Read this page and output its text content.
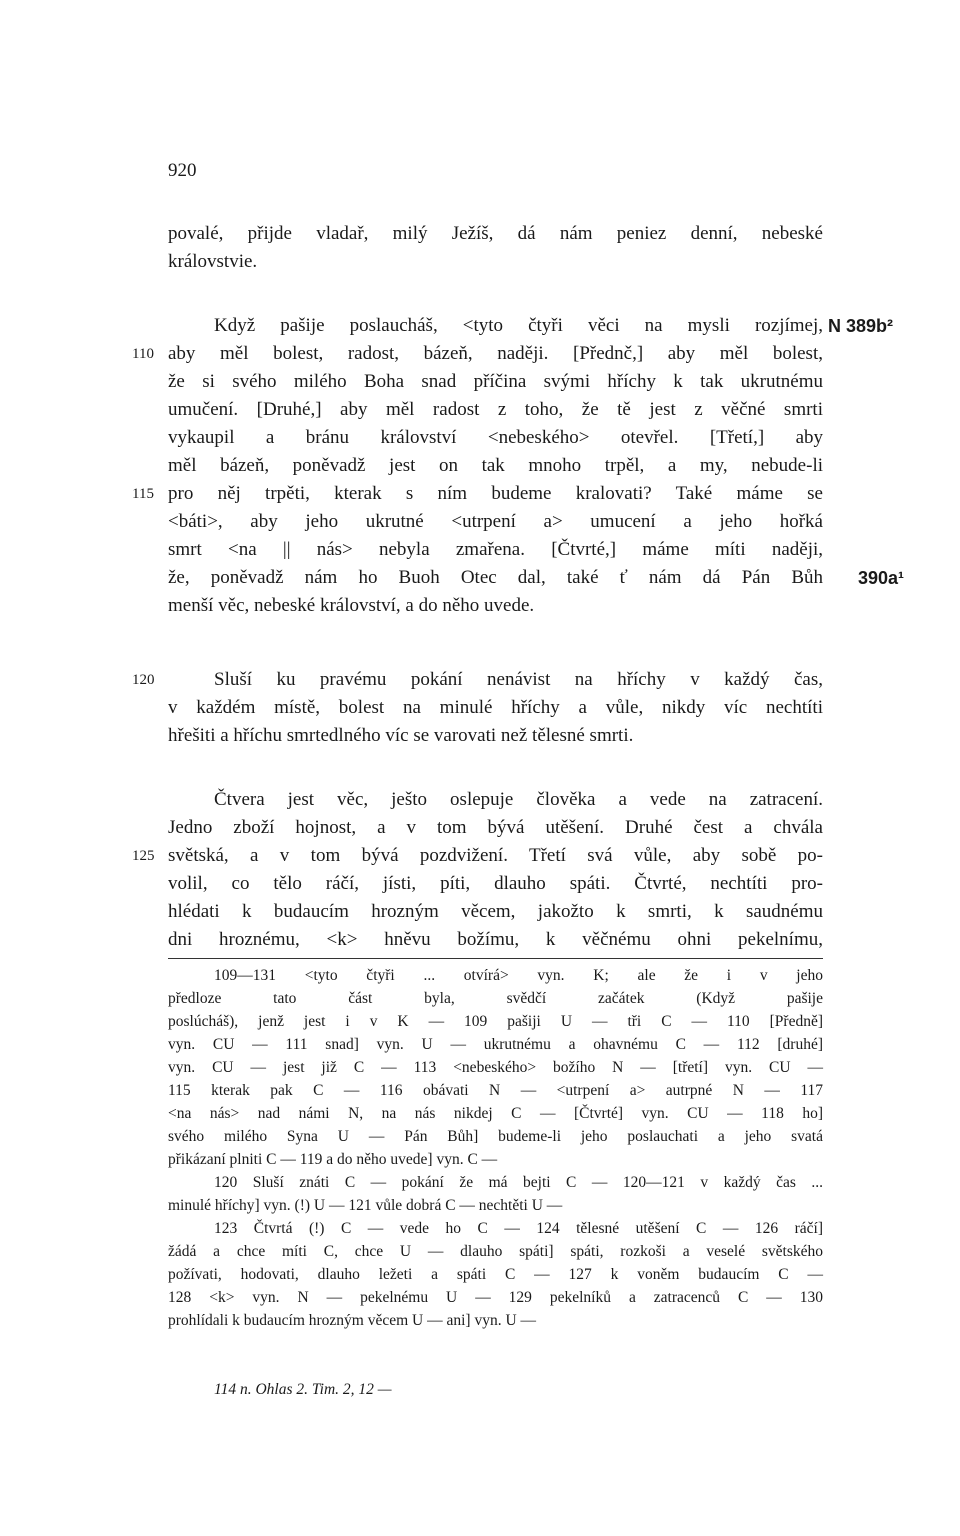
920
povalé, přijde vladař, milý Ježíš, dá nám peniez denní, nebeské
královstvie.
Když pašije poslaucháš, <tyto čtyři věci na mysli rozjímej,
aby měl bolest, radost, bázeň, naději. [Přednč,] aby měl bolest,
že si svého milého Boha snad příčina svými hříchy k tak ukrutnému
umučení. [Druhé,] aby měl radost z toho, že tě jest z věčné smrti
vykaupil a bránu království <nebeského> otevřel. [Třetí,] aby
měl bázeň, poněvadž jest on tak mnoho trpěl, a my, nebude-li
pro něj trpěti, kterak s ním budeme kralovati? Také máme se
<báti>, aby jeho ukrutné <utrpení a> umucení a jeho hořká
smrt <na || nás> nebyla zmařena. [Čtvrté,] máme míti naději,
že, poněvadž nám ho Buoh Otec dal, také ť nám dá Pán Bůh
menší věc, nebeské království, a do něho uvede.
Sluší ku pravému pokání nenávist na hříchy v každý čas,
v každém místě, bolest na minulé hříchy a vůle, nikdy víc nechtíti
hřešiti a hříchu smrtedlného víc se varovati než tělesné smrti.
Čtvera jest věc, ješto oslepuje člověka a vede na zatracení.
Jedno zboží hojnost, a v tom bývá utěšení. Druhé čest a chvála
světská, a v tom bývá pozdvižení. Třetí svá vůle, aby sobě po-
volil, co tělo ráčí, jísti, píti, dlauho spáti. Čtvrté, nechtíti pro-
hlédati k budaucím hrozným věcem, jakožto k smrti, k saudnému
dni hroznému, <k> hněvu božímu, k věčnému ohni pekelnímu,
110
115
120
125
N 389b²
390a¹
109—131 <tyto čtyři ... otvírá> vyn. K; ale že i v jeho
předloze tato část byla, svědčí začátek (Když pašije
poslúcháš), jenž jest i v K — 109 pašiji U — tři C — 110 [Předně]
vyn. CU — 111 snad] vyn. U — ukrutnému a ohavnému C — 112 [druhé]
vyn. CU — jest již C — 113 <nebeského> božího N — [třetí] vyn. CU —
115 kterak pak C — 116 obávati N — <utrpení a> autrpné N — 117
<na nás> nad námi N, na nás nikdej C — [Čtvrté] vyn. CU — 118 ho]
svého milého Syna U — Pán Bůh] budeme-li jeho poslauchati a jeho svatá
přikázaní plniti C — 119 a do něho uvede] vyn. C —
120 Sluší znáti C — pokání že má bejti C — 120—121 v každý čas ...
minulé hříchy] vyn. (!) U — 121 vůle dobrá C — nechtěti U —
123 Čtvrtá (!) C — vede ho C — 124 tělesné utěšení C — 126 ráčí]
žádá a chce míti C, chce U — dlauho spáti] spáti, rozkoši a veselé světského
požívati, hodovati, dlauho ležeti a spáti C — 127 k voněm budaucím C —
128 <k> vyn. N — pekelnému U — 129 pekelníků a zatracenců C — 130
prohlídali k budaucím hrozným věcem U — ani] vyn. U —
114 n. Ohlas 2. Tim. 2, 12 —
